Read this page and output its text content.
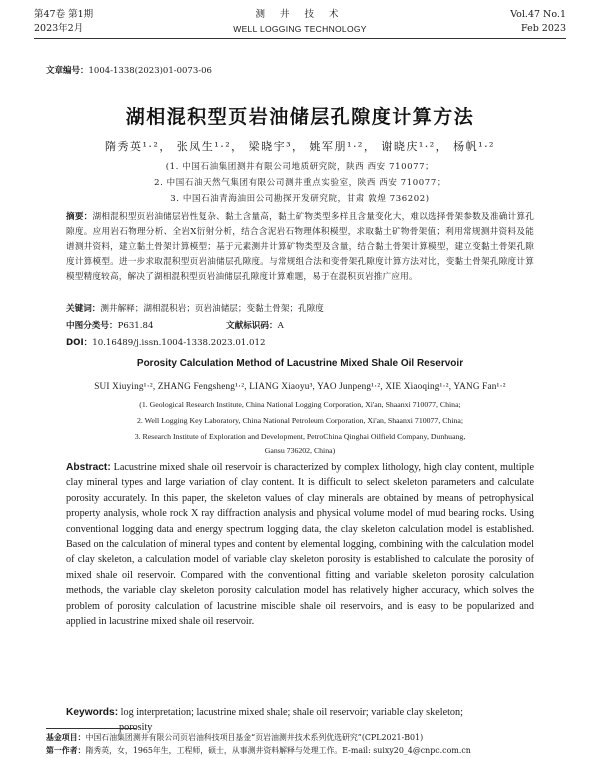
第47卷 第1期
2023年2月
测 井 技 术
WELL LOGGING TECHNOLOGY
Vol.47 No.1
Feb 2023
文章编号：1004-1338(2023)01-0073-06
湖相混积型页岩油储层孔隙度计算方法
隋秀英¹·²， 张凤生¹·²， 梁晓宇³， 姚军朋¹·²， 谢晓庆¹·²， 杨帆¹·²
(1. 中国石油集团测井有限公司地质研究院，陕西 西安 710077；
2. 中国石油天然气集团有限公司测井重点实验室，陕西 西安 710077；
3. 中国石油青海油田公司勘探开发研究院，甘肃 敦煌 736202)
摘要：湖相混积型页岩油储层岩性复杂、黏土含量高，黏土矿物类型多样且含量变化大，难以选择骨架参数及准确计算孔隙度。应用岩石物理分析、全岩X衍射分析，结合含泥岩石物理体积模型，求取黏土矿物骨架值；利用常规测井资料及能谱测井资料，建立黏土骨架计算模型；基于元素测井计算矿物类型及含量，结合黏土骨架计算模型，建立变黏土骨架孔隙度计算模型。进一步求取混积型页岩油储层孔隙度。与常规组合法和变骨架孔隙度计算方法对比，变黏土骨架孔隙度计算模型精度较高，解决了湖相混积型页岩油储层孔隙度计算难题，易于在混积页岩推广应用。
关键词：测井解释；湖相混积岩；页岩油储层；变黏土骨架；孔隙度
中图分类号：P631.84	文献标识码：A
DOI：10.16489/j.issn.1004-1338.2023.01.012
Porosity Calculation Method of Lacustrine Mixed Shale Oil Reservoir
SUI Xiuying¹·², ZHANG Fengsheng¹·², LIANG Xiaoyu³, YAO Junpeng¹·², XIE Xiaoqing¹·², YANG Fan¹·²
(1. Geological Research Institute, China National Logging Corporation, Xi'an, Shaanxi 710077, China;
2. Well Logging Key Laboratory, China National Petroleum Corporation, Xi'an, Shaanxi 710077, China;
3. Research Institute of Exploration and Development, PetroChina Qinghai Oilfield Company, Dunhuang,
Gansu 736202, China)
Abstract: Lacustrine mixed shale oil reservoir is characterized by complex lithology, high clay content, multiple clay mineral types and large variation of clay content. It is difficult to select skeleton parameters and calculate porosity accurately. In this paper, the skeleton values of clay minerals are obtained by means of petrophysical property analysis, whole rock X ray diffraction analysis and physical volume model of mud bearing rocks. Using conventional logging data and energy spectrum logging data, the clay skeleton calculation model is established. Based on the calculation of mineral types and content by elemental logging, combining with the calculation model of clay skeleton, a calculation model of variable clay skeleton porosity is established to calculate the porosity of mixed shale oil reservoir. Compared with the conventional fitting and variable skeleton porosity calculation methods, the variable clay skeleton porosity calculation model has relatively higher accuracy, which solves the problem of porosity calculation of lacustrine miscible shale oil reservoirs, and is easy to be popularized and applied in lacustrine mixed shale oil reservoir.
Keywords: log interpretation; lacustrine mixed shale; shale oil reservoir; variable clay skeleton;
porosity
基金项目：中国石油集团测井有限公司页岩油科技项目基金“页岩油测井技术系列优选研究”(CPL2021-B01)
第一作者：隋秀英，女，1965年生，工程师，硕士，从事测井资料解释与处理工作。E-mail: suixy20_4@cnpc.com.cn
